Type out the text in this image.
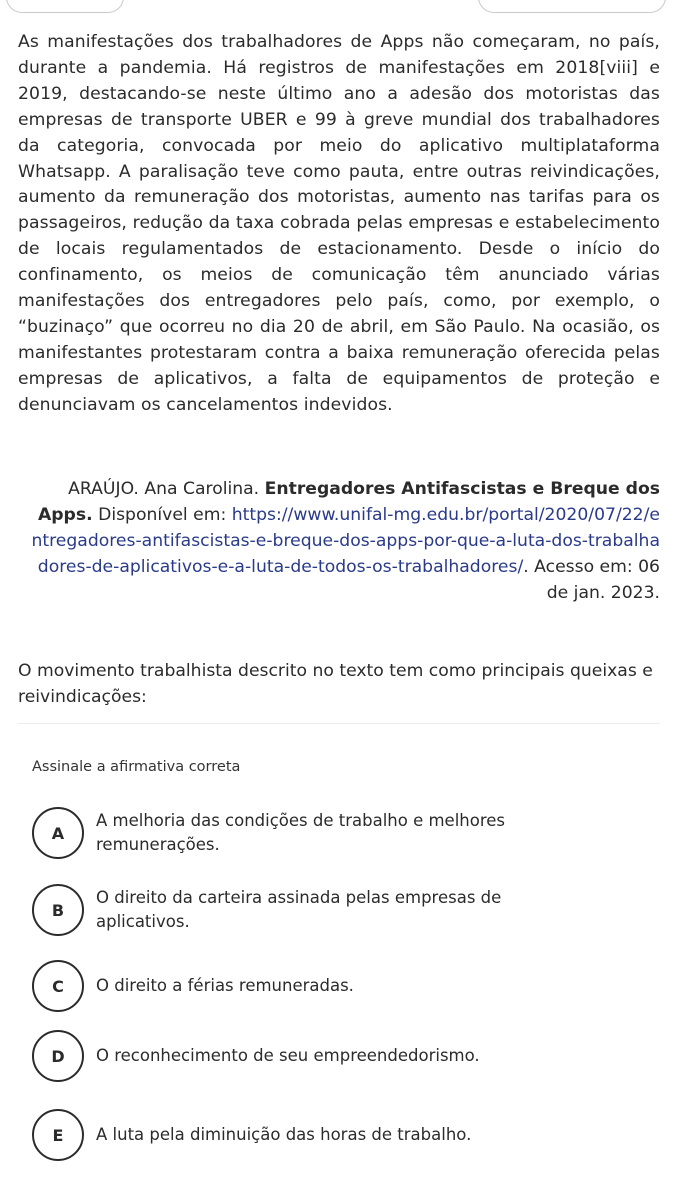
As manifestações dos trabalhadores de Apps não começaram, no país, durante a pandemia. Há registros de manifestações em 2018[viii] e 2019, destacando-se neste último ano a adesão dos motoristas das empresas de transporte UBER e 99 à greve mundial dos trabalhadores da categoria, convocada por meio do aplicativo multiplataforma Whatsapp. A paralisação teve como pauta, entre outras reivindicações, aumento da remuneração dos motoristas, aumento nas tarifas para os passageiros, redução da taxa cobrada pelas empresas e estabelecimento de locais regulamentados de estacionamento. Desde o início do confinamento, os meios de comunicação têm anunciado várias manifestações dos entregadores pelo país, como, por exemplo, o “buzinaço” que ocorreu no dia 20 de abril, em São Paulo. Na ocasião, os manifestantes protestaram contra a baixa remuneração oferecida pelas empresas de aplicativos, a falta de equipamentos de proteção e denunciavam os cancelamentos indevidos.

ARAÚJO. Ana Carolina. Entregadores Antifascistas e Breque dos Apps. Disponível em: https://www.unifal-mg.edu.br/portal/2020/07/22/entregadores-antifascistas-e-breque-dos-apps-por-que-a-luta-dos-trabalhadores-de-aplicativos-e-a-luta-de-todos-os-trabalhadores/. Acesso em: 06 de jan. 2023.

O movimento trabalhista descrito no texto tem como principais queixas e reivindicações:

Assinale a afirmativa correta
A
A melhoria das condições de trabalho e melhores remunerações.
B
O direito da carteira assinada pelas empresas de aplicativos.
C	O direito a férias remuneradas.
D	O reconhecimento de seu empreendedorismo.
E	A luta pela diminuição das horas de trabalho.
